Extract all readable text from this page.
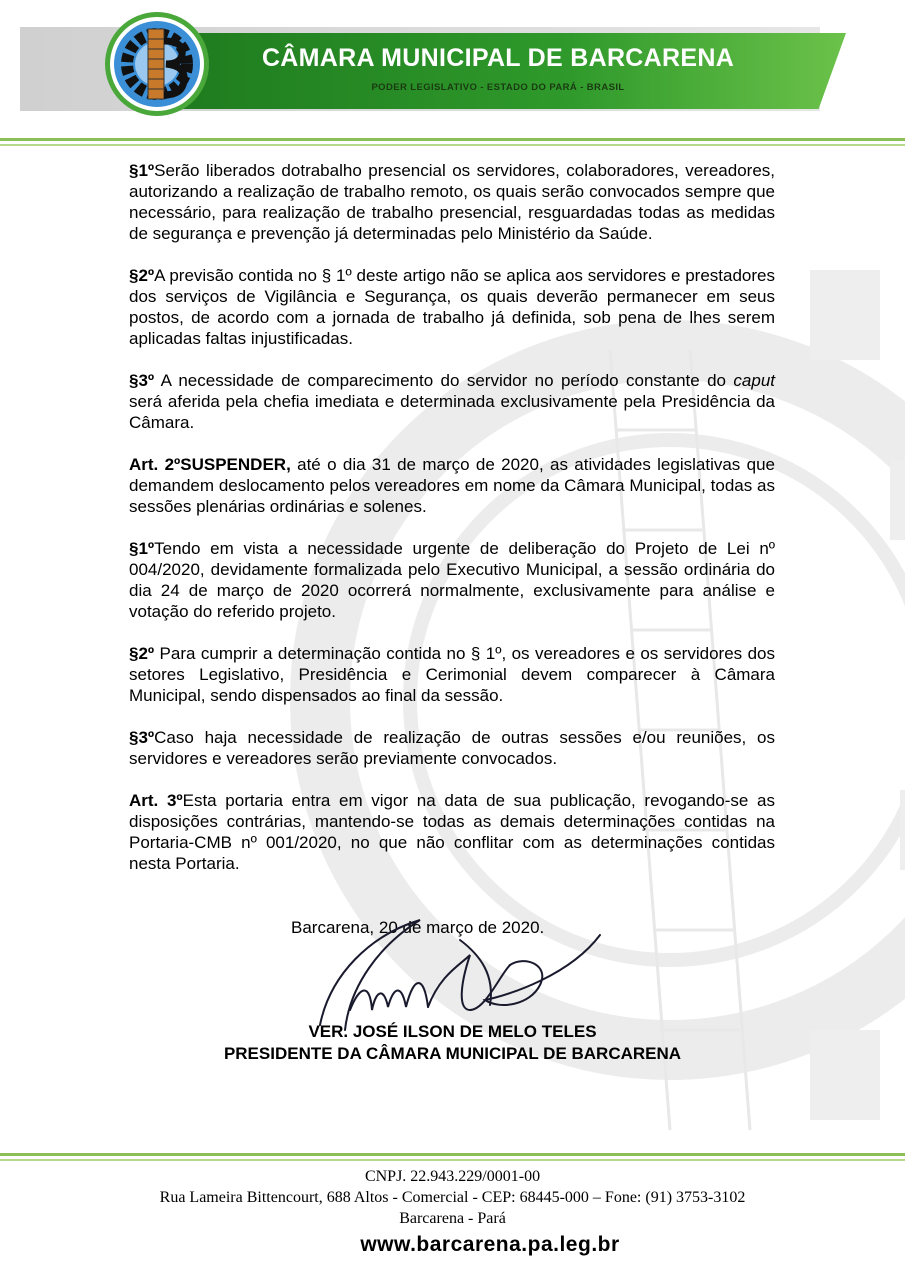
CÂMARA MUNICIPAL DE BARCARENA
PODER LEGISLATIVO - ESTADO DO PARÁ - BRASIL

§1ºSerão liberados dotrabalho presencial os servidores, colaboradores, vereadores, autorizando a realização de trabalho remoto, os quais serão convocados sempre que necessário, para realização de trabalho presencial, resguardadas todas as medidas de segurança e prevenção já determinadas pelo Ministério da Saúde.

§2ºA previsão contida no § 1º deste artigo não se aplica aos servidores e prestadores dos serviços de Vigilância e Segurança, os quais deverão permanecer em seus postos, de acordo com a jornada de trabalho já definida, sob pena de lhes serem aplicadas faltas injustificadas.

§3º A necessidade de comparecimento do servidor no período constante do caput será aferida pela chefia imediata e determinada exclusivamente pela Presidência da Câmara.

Art. 2ºSUSPENDER, até o dia 31 de março de 2020, as atividades legislativas que demandem deslocamento pelos vereadores em nome da Câmara Municipal, todas as sessões plenárias ordinárias e solenes.

§1ºTendo em vista a necessidade urgente de deliberação do Projeto de Lei nº 004/2020, devidamente formalizada pelo Executivo Municipal, a sessão ordinária do dia 24 de março de 2020 ocorrerá normalmente, exclusivamente para análise e votação do referido projeto.

§2º Para cumprir a determinação contida no § 1º, os vereadores e os servidores dos setores Legislativo, Presidência e Cerimonial devem comparecer à Câmara Municipal, sendo dispensados ao final da sessão.

§3ºCaso haja necessidade de realização de outras sessões e/ou reuniões, os servidores e vereadores serão previamente convocados.

Art. 3ºEsta portaria entra em vigor na data de sua publicação, revogando-se as disposições contrárias, mantendo-se todas as demais determinações contidas na Portaria-CMB nº 001/2020, no que não conflitar com as determinações contidas nesta Portaria.

Barcarena, 20 de março de 2020.
VER. JOSÉ ILSON DE MELO TELES
PRESIDENTE DA CÂMARA MUNICIPAL DE BARCARENA
CNPJ. 22.943.229/0001-00
Rua Lameira Bittencourt, 688 Altos - Comercial - CEP: 68445-000 – Fone: (91) 3753-3102
Barcarena - Pará
www.barcarena.pa.leg.br
